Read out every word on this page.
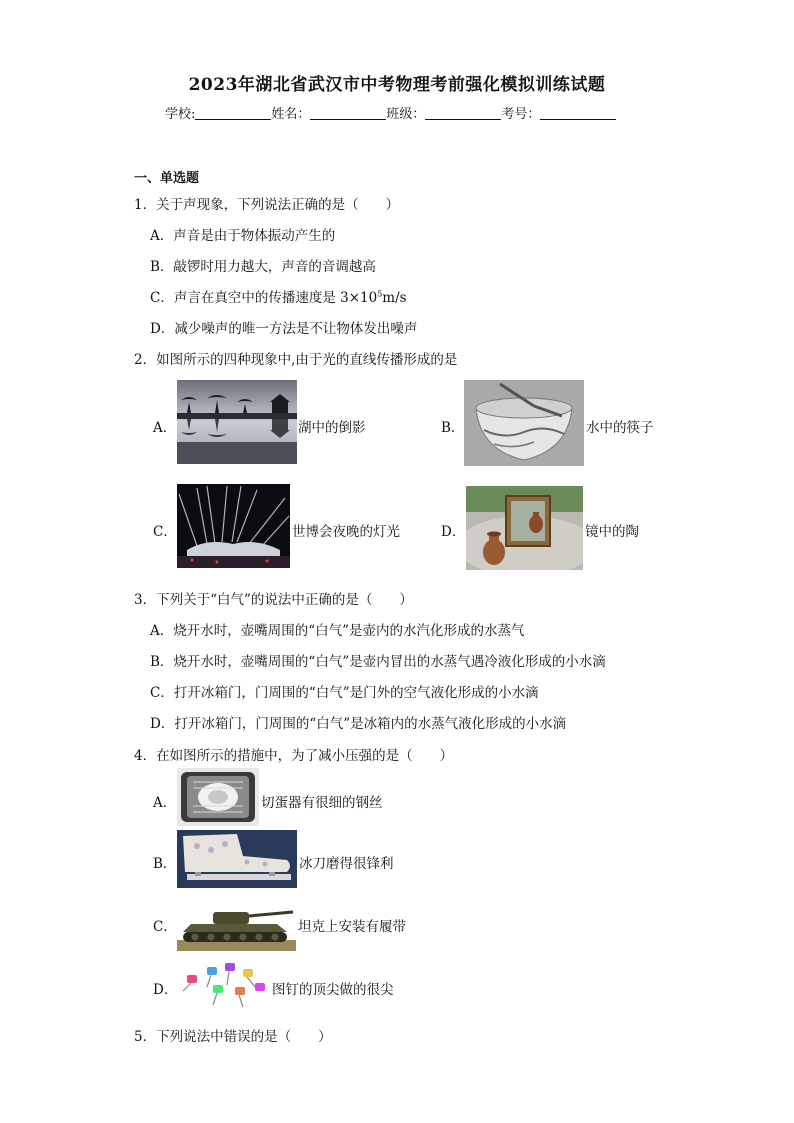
2023年湖北省武汉市中考物理考前强化模拟训练试题
学校:	姓名：	班级：	考号：
一、单选题
1．关于声现象，下列说法正确的是（　　）
A．声音是由于物体振动产生的
B．敲锣时用力越大，声音的音调越高
C．声言在真空中的传播速度是 $3\times 10^5m/s$
D．减少噪声的唯一方法是不让物体发出噪声
2．如图所示的四种现象中,由于光的直线传播形成的是
A．	湖中的倒影	B．	水中的筷子
C．	世博会夜晚的灯光	D．	镜中的陶
3．下列关于“白气”的说法中正确的是（　　）
A．烧开水时，壶嘴周围的“白气”是壶内的水汽化形成的水蒸气
B．烧开水时，壶嘴周围的“白气”是壶内冒出的水蒸气遇冷液化形成的小水滴
C．打开冰箱门，门周围的“白气”是门外的空气液化形成的小水滴
D．打开冰箱门，门周围的“白气”是冰箱内的水蒸气液化形成的小水滴
4．在如图所示的措施中，为了减小压强的是（　　）
A．	切蛋器有很细的钢丝
B．	冰刀磨得很锋利
C．	坦克上安装有履带
D．	图钉的顶尖做的很尖
5．下列说法中错误的是（　　）
